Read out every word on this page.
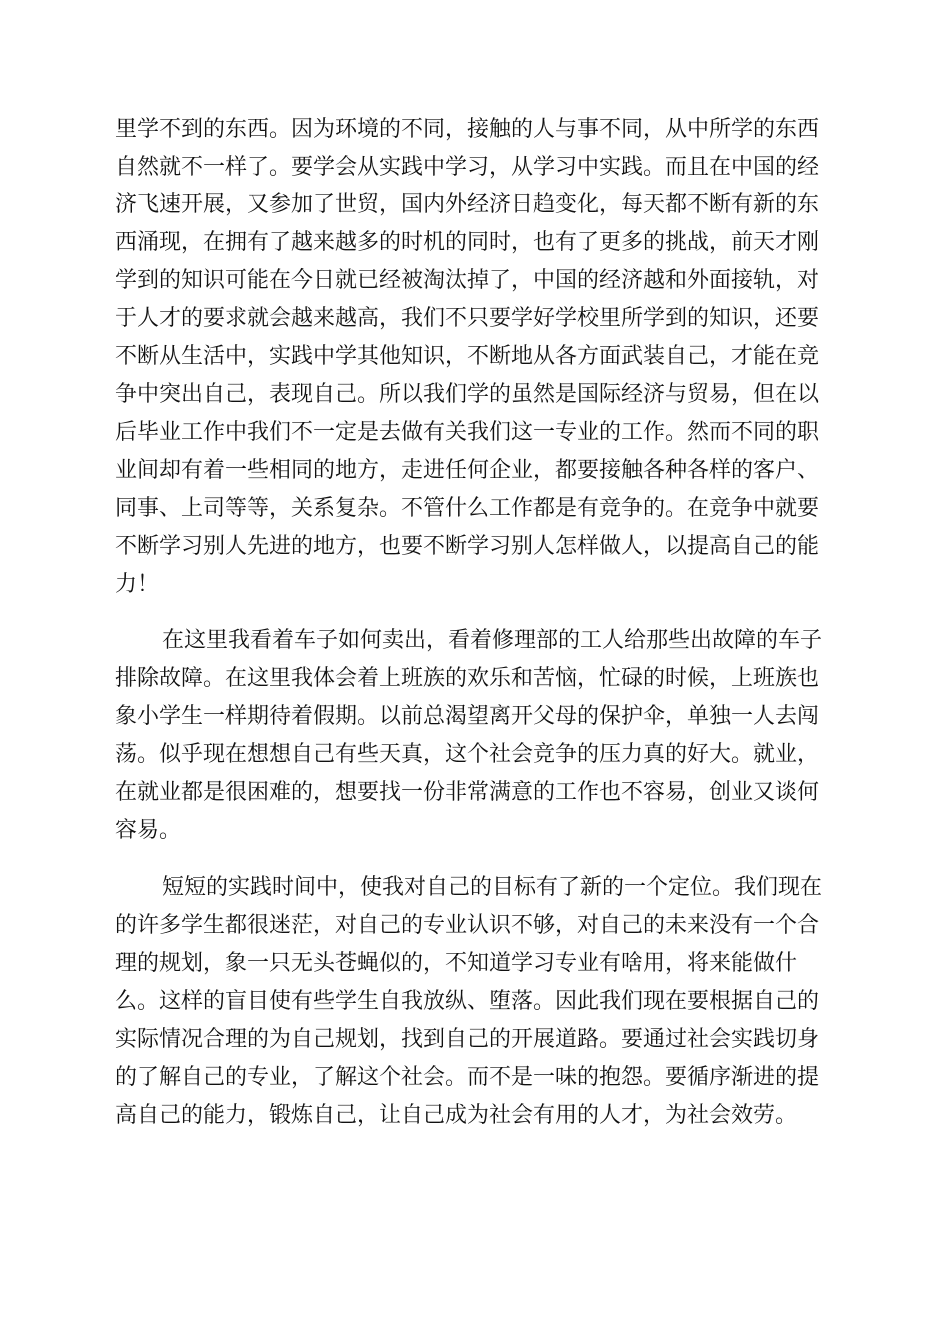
里学不到的东西。因为环境的不同，接触的人与事不同，从中所学的东西
自然就不一样了。要学会从实践中学习，从学习中实践。而且在中国的经
济飞速开展，又参加了世贸，国内外经济日趋变化，每天都不断有新的东
西涌现，在拥有了越来越多的时机的同时，也有了更多的挑战，前天才刚
学到的知识可能在今日就已经被淘汰掉了，中国的经济越和外面接轨，对
于人才的要求就会越来越高，我们不只要学好学校里所学到的知识，还要
不断从生活中，实践中学其他知识，不断地从各方面武装自己，才能在竞
争中突出自己，表现自己。所以我们学的虽然是国际经济与贸易，但在以
后毕业工作中我们不一定是去做有关我们这一专业的工作。然而不同的职
业间却有着一些相同的地方，走进任何企业，都要接触各种各样的客户、
同事、上司等等，关系复杂。不管什么工作都是有竞争的。在竞争中就要
不断学习别人先进的地方，也要不断学习别人怎样做人，以提高自己的能
力！
在这里我看着车子如何卖出，看着修理部的工人给那些出故障的车子
排除故障。在这里我体会着上班族的欢乐和苦恼，忙碌的时候，上班族也
象小学生一样期待着假期。以前总渴望离开父母的保护伞，单独一人去闯
荡。似乎现在想想自己有些天真，这个社会竞争的压力真的好大。就业，
在就业都是很困难的，想要找一份非常满意的工作也不容易，创业又谈何
容易。
短短的实践时间中，使我对自己的目标有了新的一个定位。我们现在
的许多学生都很迷茫，对自己的专业认识不够，对自己的未来没有一个合
理的规划，象一只无头苍蝇似的，不知道学习专业有啥用，将来能做什
么。这样的盲目使有些学生自我放纵、堕落。因此我们现在要根据自己的
实际情况合理的为自己规划，找到自己的开展道路。要通过社会实践切身
的了解自己的专业，了解这个社会。而不是一味的抱怨。要循序渐进的提
高自己的能力，锻炼自己，让自己成为社会有用的人才，为社会效劳。
